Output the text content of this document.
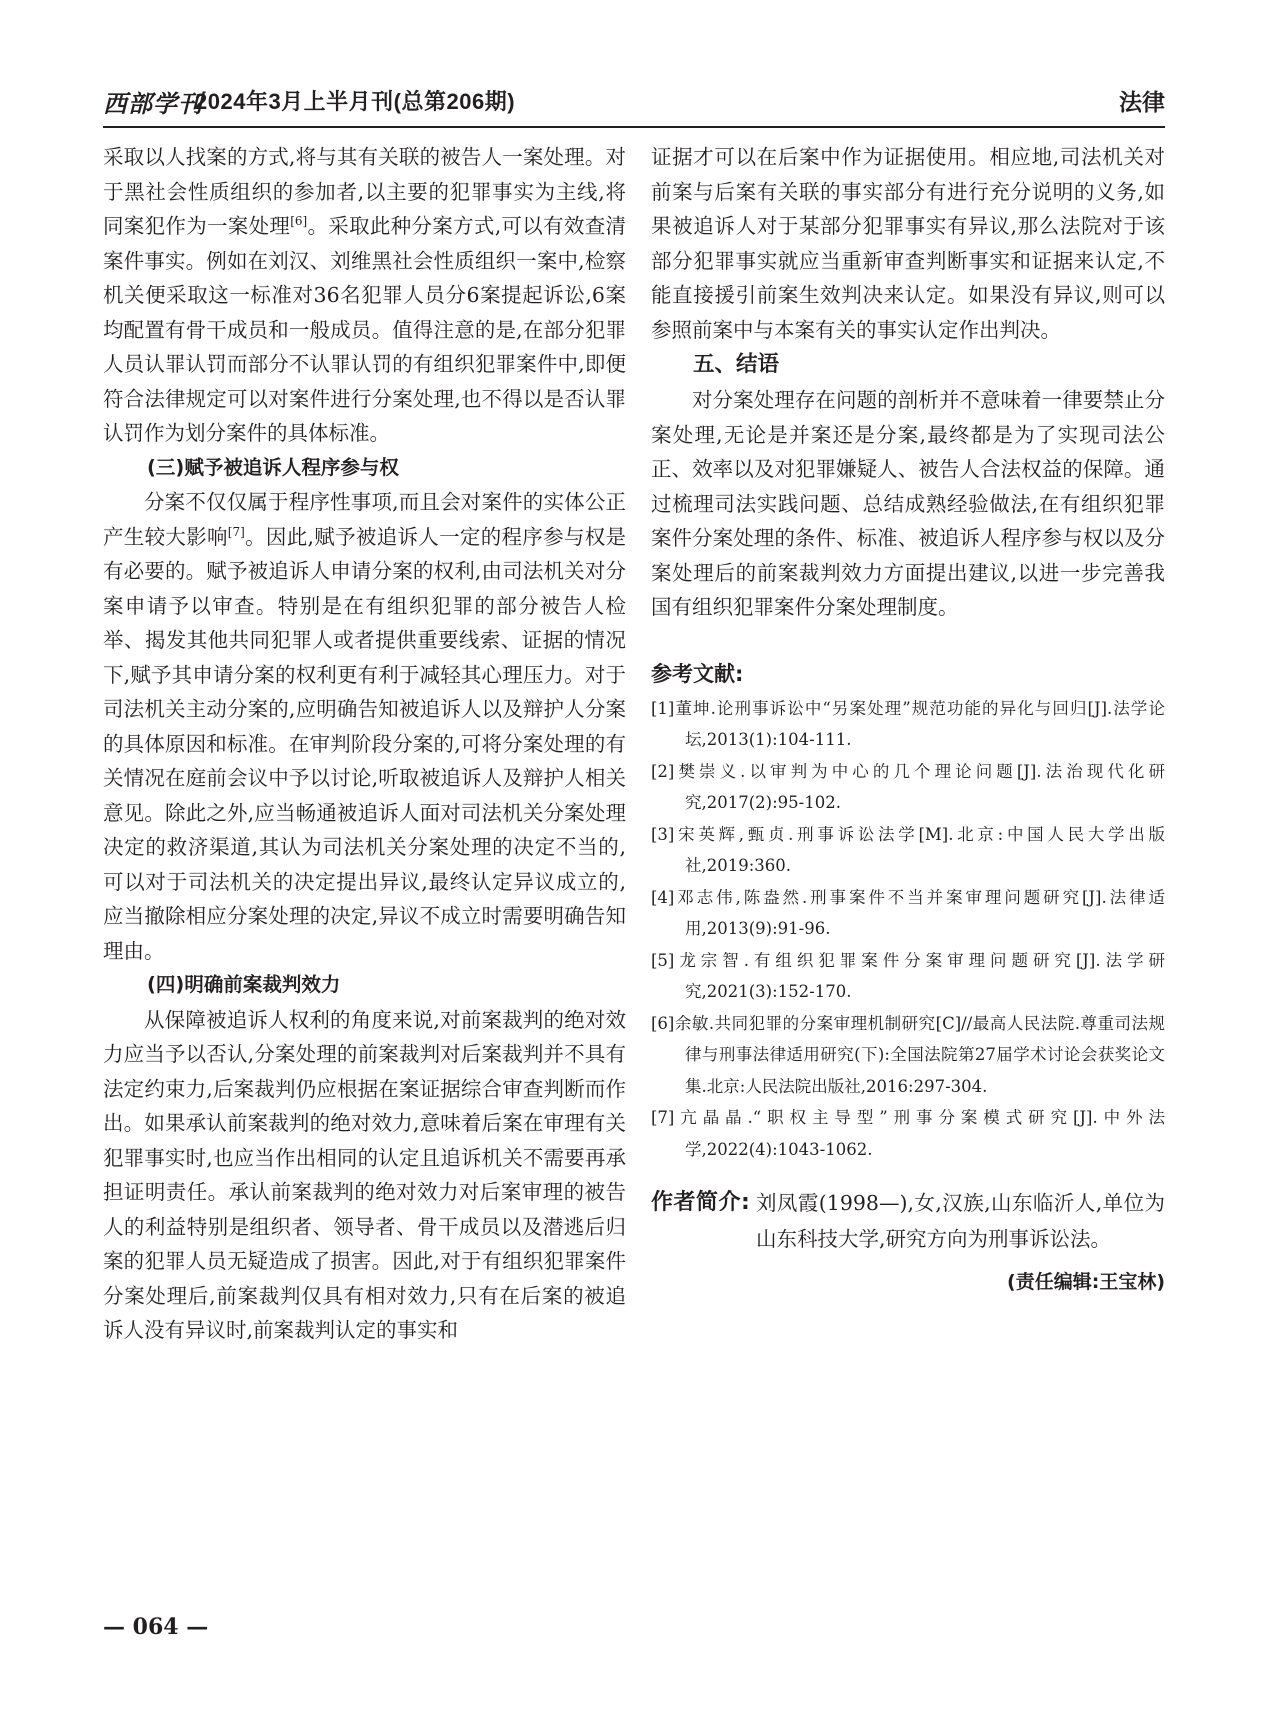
西部学刊
2024年3月上半月刊(总第206期)	法律

采取以人找案的方式,将与其有关联的被告人一案处理。对于黑社会性质组织的参加者,以主要的犯罪事实为主线,将同案犯作为一案处理[6]。采取此种分案方式,可以有效查清案件事实。例如在刘汉、刘维黑社会性质组织一案中,检察机关便采取这一标准对36名犯罪人员分6案提起诉讼,6案均配置有骨干成员和一般成员。值得注意的是,在部分犯罪人员认罪认罚而部分不认罪认罚的有组织犯罪案件中,即便符合法律规定可以对案件进行分案处理,也不得以是否认罪认罚作为划分案件的具体标准。

(三)赋予被追诉人程序参与权

分案不仅仅属于程序性事项,而且会对案件的实体公正产生较大影响[7]。因此,赋予被追诉人一定的程序参与权是有必要的。赋予被追诉人申请分案的权利,由司法机关对分案申请予以审查。特别是在有组织犯罪的部分被告人检举、揭发其他共同犯罪人或者提供重要线索、证据的情况下,赋予其申请分案的权利更有利于减轻其心理压力。对于司法机关主动分案的,应明确告知被追诉人以及辩护人分案的具体原因和标准。在审判阶段分案的,可将分案处理的有关情况在庭前会议中予以讨论,听取被追诉人及辩护人相关意见。除此之外,应当畅通被追诉人面对司法机关分案处理决定的救济渠道,其认为司法机关分案处理的决定不当的,可以对于司法机关的决定提出异议,最终认定异议成立的,应当撤除相应分案处理的决定,异议不成立时需要明确告知理由。

(四)明确前案裁判效力

从保障被追诉人权利的角度来说,对前案裁判的绝对效力应当予以否认,分案处理的前案裁判对后案裁判并不具有法定约束力,后案裁判仍应根据在案证据综合审查判断而作出。如果承认前案裁判的绝对效力,意味着后案在审理有关犯罪事实时,也应当作出相同的认定且追诉机关不需要再承担证明责任。承认前案裁判的绝对效力对后案审理的被告人的利益特别是组织者、领导者、骨干成员以及潜逃后归案的犯罪人员无疑造成了损害。因此,对于有组织犯罪案件分案处理后,前案裁判仅具有相对效力,只有在后案的被追诉人没有异议时,前案裁判认定的事实和

证据才可以在后案中作为证据使用。相应地,司法机关对前案与后案有关联的事实部分有进行充分说明的义务,如果被追诉人对于某部分犯罪事实有异议,那么法院对于该部分犯罪事实就应当重新审查判断事实和证据来认定,不能直接援引前案生效判决来认定。如果没有异议,则可以参照前案中与本案有关的事实认定作出判决。

五、结语

对分案处理存在问题的剖析并不意味着一律要禁止分案处理,无论是并案还是分案,最终都是为了实现司法公正、效率以及对犯罪嫌疑人、被告人合法权益的保障。通过梳理司法实践问题、总结成熟经验做法,在有组织犯罪案件分案处理的条件、标准、被追诉人程序参与权以及分案处理后的前案裁判效力方面提出建议,以进一步完善我国有组织犯罪案件分案处理制度。

参考文献:
[1]董坤.论刑事诉讼中“另案处理”规范功能的异化与回归[J].法学论坛,2013(1):104-111.
[2]樊崇义.以审判为中心的几个理论问题[J].法治现代化研究,2017(2):95-102.
[3]宋英辉,甄贞.刑事诉讼法学[M].北京:中国人民大学出版社,2019:360.
[4]邓志伟,陈盎然.刑事案件不当并案审理问题研究[J].法律适用,2013(9):91-96.
[5]龙宗智.有组织犯罪案件分案审理问题研究[J].法学研究,2021(3):152-170.
[6]余敏.共同犯罪的分案审理机制研究[C]//最高人民法院.尊重司法规律与刑事法律适用研究(下):全国法院第27届学术讨论会获奖论文集.北京:人民法院出版社,2016:297-304.
[7]亢晶晶.“职权主导型”刑事分案模式研究[J].中外法学,2022(4):1043-1062.
作者简介: 刘凤霞(1998—),女,汉族,山东临沂人,单位为山东科技大学,研究方向为刑事诉讼法。
(责任编辑:王宝林)
— 064 —
